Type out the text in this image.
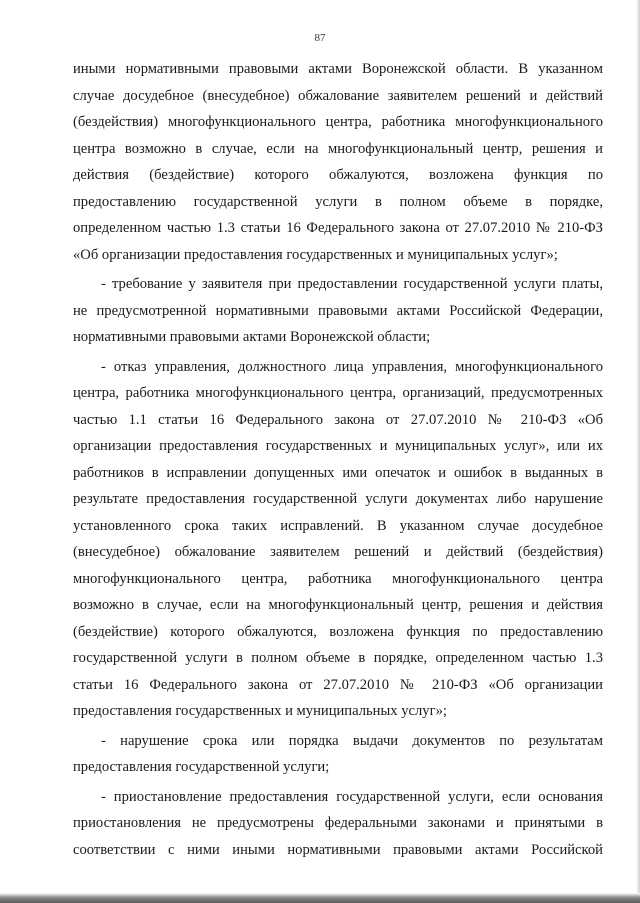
87
иными нормативными правовыми актами Воронежской области. В указанном
случае досудебное (внесудебное) обжалование заявителем решений и действий
(бездействия) многофункционального центра, работника многофункционального
центра возможно в случае, если на многофункциональный центр, решения и
действия (бездействие) которого обжалуются, возложена функция по
предоставлению государственной услуги в полном объеме в порядке,
определенном частью 1.3 статьи 16 Федерального закона от 27.07.2010 № 210-ФЗ
«Об организации предоставления государственных и муниципальных услуг»;
- требование у заявителя при предоставлении государственной услуги платы,
не предусмотренной нормативными правовыми актами Российской Федерации,
нормативными правовыми актами Воронежской области;
- отказ управления, должностного лица управления, многофункционального
центра, работника многофункционального центра, организаций, предусмотренных
частью 1.1 статьи 16 Федерального закона от 27.07.2010 № 210-ФЗ «Об
организации предоставления государственных и муниципальных услуг», или их
работников в исправлении допущенных ими опечаток и ошибок в выданных в
результате предоставления государственной услуги документах либо нарушение
установленного срока таких исправлений. В указанном случае досудебное
(внесудебное) обжалование заявителем решений и действий (бездействия)
многофункционального центра, работника многофункционального центра
возможно в случае, если на многофункциональный центр, решения и действия
(бездействие) которого обжалуются, возложена функция по предоставлению
государственной услуги в полном объеме в порядке, определенном частью 1.3
статьи 16 Федерального закона от 27.07.2010 № 210-ФЗ «Об организации
предоставления государственных и муниципальных услуг»;
- нарушение срока или порядка выдачи документов по результатам
предоставления государственной услуги;
- приостановление предоставления государственной услуги, если основания
приостановления не предусмотрены федеральными законами и принятыми в
соответствии с ними иными нормативными правовыми актами Российской
